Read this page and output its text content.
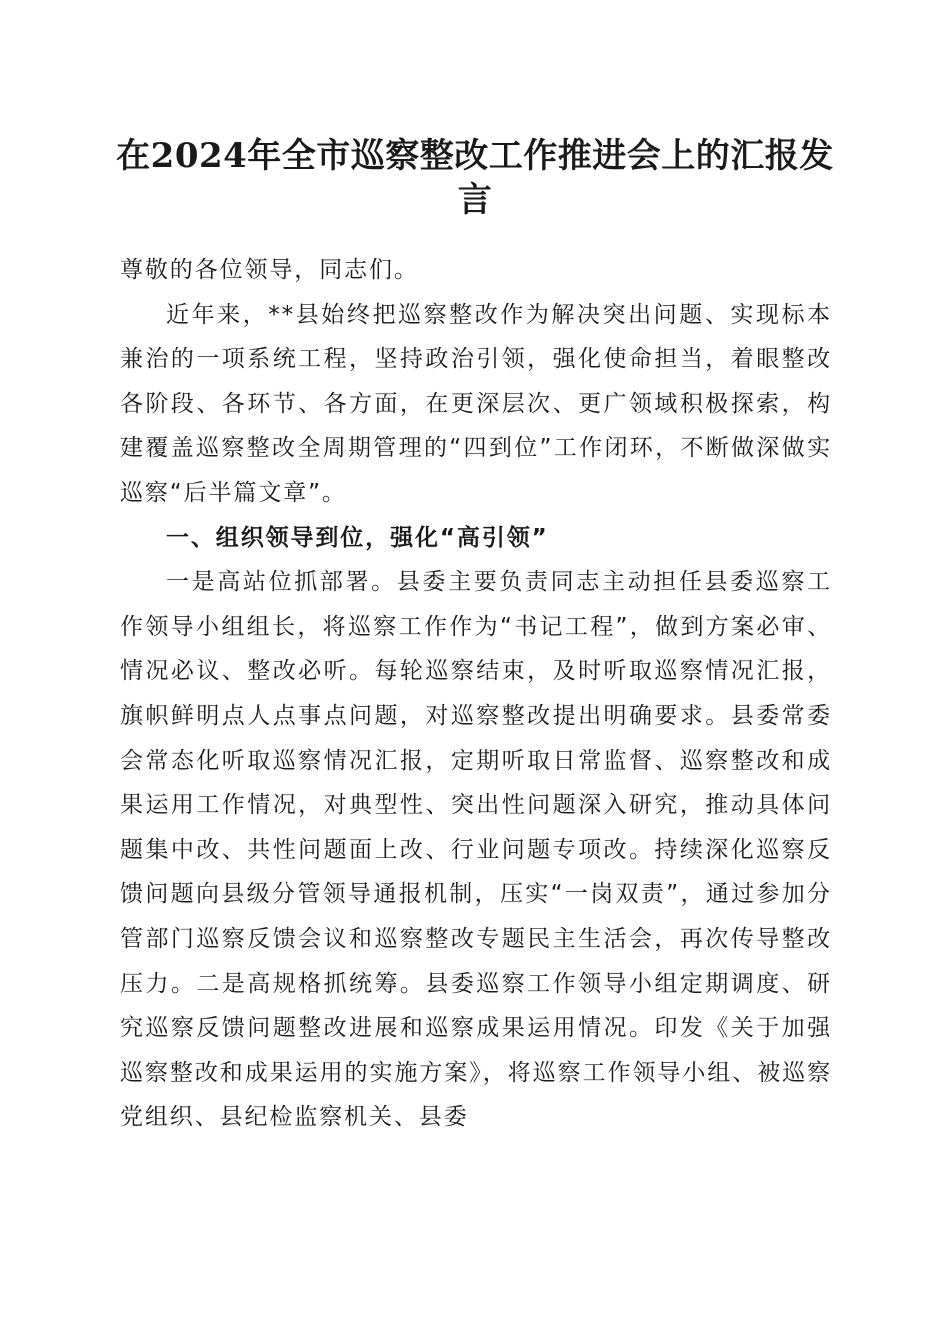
在2024年全市巡察整改工作推进会上的汇报发言

尊敬的各位领导，同志们。

近年来，**县始终把巡察整改作为解决突出问题、实现标本兼治的一项系统工程，坚持政治引领，强化使命担当，着眼整改各阶段、各环节、各方面，在更深层次、更广领域积极探索，构建覆盖巡察整改全周期管理的“四到位”工作闭环，不断做深做实巡察“后半篇文章”。

一、组织领导到位，强化“高引领”

一是高站位抓部署。县委主要负责同志主动担任县委巡察工作领导小组组长，将巡察工作作为“书记工程”，做到方案必审、情况必议、整改必听。每轮巡察结束，及时听取巡察情况汇报，旗帜鲜明点人点事点问题，对巡察整改提出明确要求。县委常委会常态化听取巡察情况汇报，定期听取日常监督、巡察整改和成果运用工作情况，对典型性、突出性问题深入研究，推动具体问题集中改、共性问题面上改、行业问题专项改。持续深化巡察反馈问题向县级分管领导通报机制，压实“一岗双责”，通过参加分管部门巡察反馈会议和巡察整改专题民主生活会，再次传导整改压力。二是高规格抓统筹。县委巡察工作领导小组定期调度、研究巡察反馈问题整改进展和巡察成果运用情况。印发《关于加强巡察整改和成果运用的实施方案》，将巡察工作领导小组、被巡察党组织、县纪检监察机关、县委
